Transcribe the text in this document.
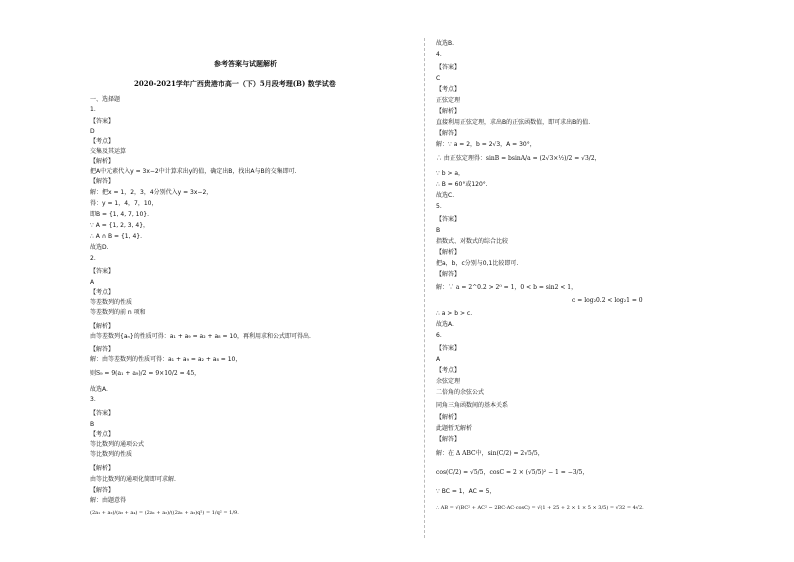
参考答案与试题解析
2020-2021学年广西贵港市高一（下）5月段考理(B) 数学试卷
一、选择题
1.
【答案】
D
【考点】
交集及其运算
【解析】
把A中元素代入y = 3x−2中计算求出y的值，确定出B，找出A与B的交集即可.
【解答】
解：把x = 1，2，3，4分别代入y = 3x−2，
得：y = 1，4，7，10，
即B = {1, 4, 7, 10}.
∵ A = {1, 2, 3, 4}，
∴ A ∩ B = {1, 4}.
故选D.
2.
【答案】
A
【考点】
等差数列的性质
等差数列的前 n 项和
【解析】
由等差数列{aₙ}的性质可得：a₁ + a₉ = a₂ + a₈ = 10，再利用求和公式即可得出.
【解答】
解：由等差数列的性质可得：a₁ + a₉ = a₂ + a₈ = 10，
则S₉ = 9(a₁ + a₉)/2 = 9×10/2 = 45，
故选A.
3.
【答案】
B
【考点】
等比数列的通项公式
等比数列的性质
【解析】
由等比数列的通项化简即可求解.
【解答】
解：由题意得
(2a₁ + a₂)/(a₃ + a₄) = (2a₁ + a₂)/((2a₁ + a₂)q²) = 1/q² = 1/9.
故选B.
4.
【答案】
C
【考点】
正弦定理
【解析】
直接利用正弦定理，求出B的正弦函数值，即可求出B的值.
【解答】
解：∵ a = 2，b = 2√3，A = 30°，
∴ 由正弦定理得：sinB = bsinA/a = (2√3×½)/2 = √3/2，
∵ b > a，
∴ B = 60°或120°.
故选C.
5.
【答案】
B
指数式、对数式的综合比较
【解析】
把a，b，c分别与0,1比较即可.
【解答】
解：∵ a = 2^0.2 > 2⁰ = 1，0 < b = sin2 < 1，
c = log₂0.2 < log₂1 = 0
∴ a > b > c.
故选A.
6.
【答案】
A
【考点】
余弦定理
二倍角的余弦公式
同角三角函数间的基本关系
【解析】
此题暂无解析
【解答】
解：在 Δ ABC中，sin(C/2) = 2√5/5，
cos(C/2) = √5/5，cosC = 2 × (√5/5)² − 1 = −3/5，
∵ BC = 1，AC = 5，
∴ AB = √(BC² + AC² − 2BC·AC·cosC) = √(1 + 25 + 2 × 1 × 5 × 3/5) = √32 = 4√2.
